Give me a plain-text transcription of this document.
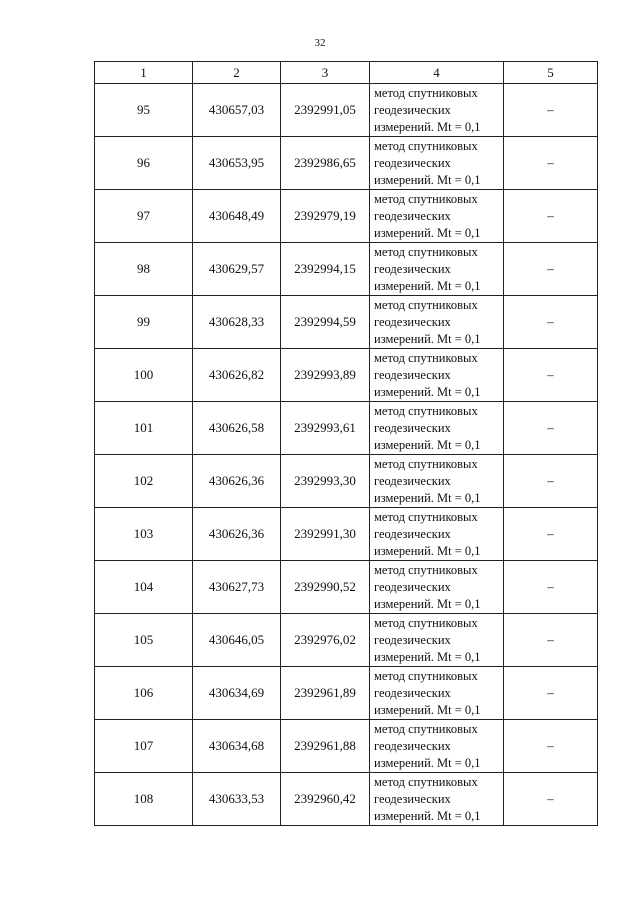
32
1	2	3	4	5
95	430657,03	2392991,05	метод спутниковых
геодезических
измерений. Mt = 0,1	–
96	430653,95	2392986,65	метод спутниковых
геодезических
измерений. Mt = 0,1	–
97	430648,49	2392979,19	метод спутниковых
геодезических
измерений. Mt = 0,1	–
98	430629,57	2392994,15	метод спутниковых
геодезических
измерений. Mt = 0,1	–
99	430628,33	2392994,59	метод спутниковых
геодезических
измерений. Mt = 0,1	–
100	430626,82	2392993,89	метод спутниковых
геодезических
измерений. Mt = 0,1	–
101	430626,58	2392993,61	метод спутниковых
геодезических
измерений. Mt = 0,1	–
102	430626,36	2392993,30	метод спутниковых
геодезических
измерений. Mt = 0,1	–
103	430626,36	2392991,30	метод спутниковых
геодезических
измерений. Mt = 0,1	–
104	430627,73	2392990,52	метод спутниковых
геодезических
измерений. Mt = 0,1	–
105	430646,05	2392976,02	метод спутниковых
геодезических
измерений. Mt = 0,1	–
106	430634,69	2392961,89	метод спутниковых
геодезических
измерений. Mt = 0,1	–
107	430634,68	2392961,88	метод спутниковых
геодезических
измерений. Mt = 0,1	–
108	430633,53	2392960,42	метод спутниковых
геодезических
измерений. Mt = 0,1	–
